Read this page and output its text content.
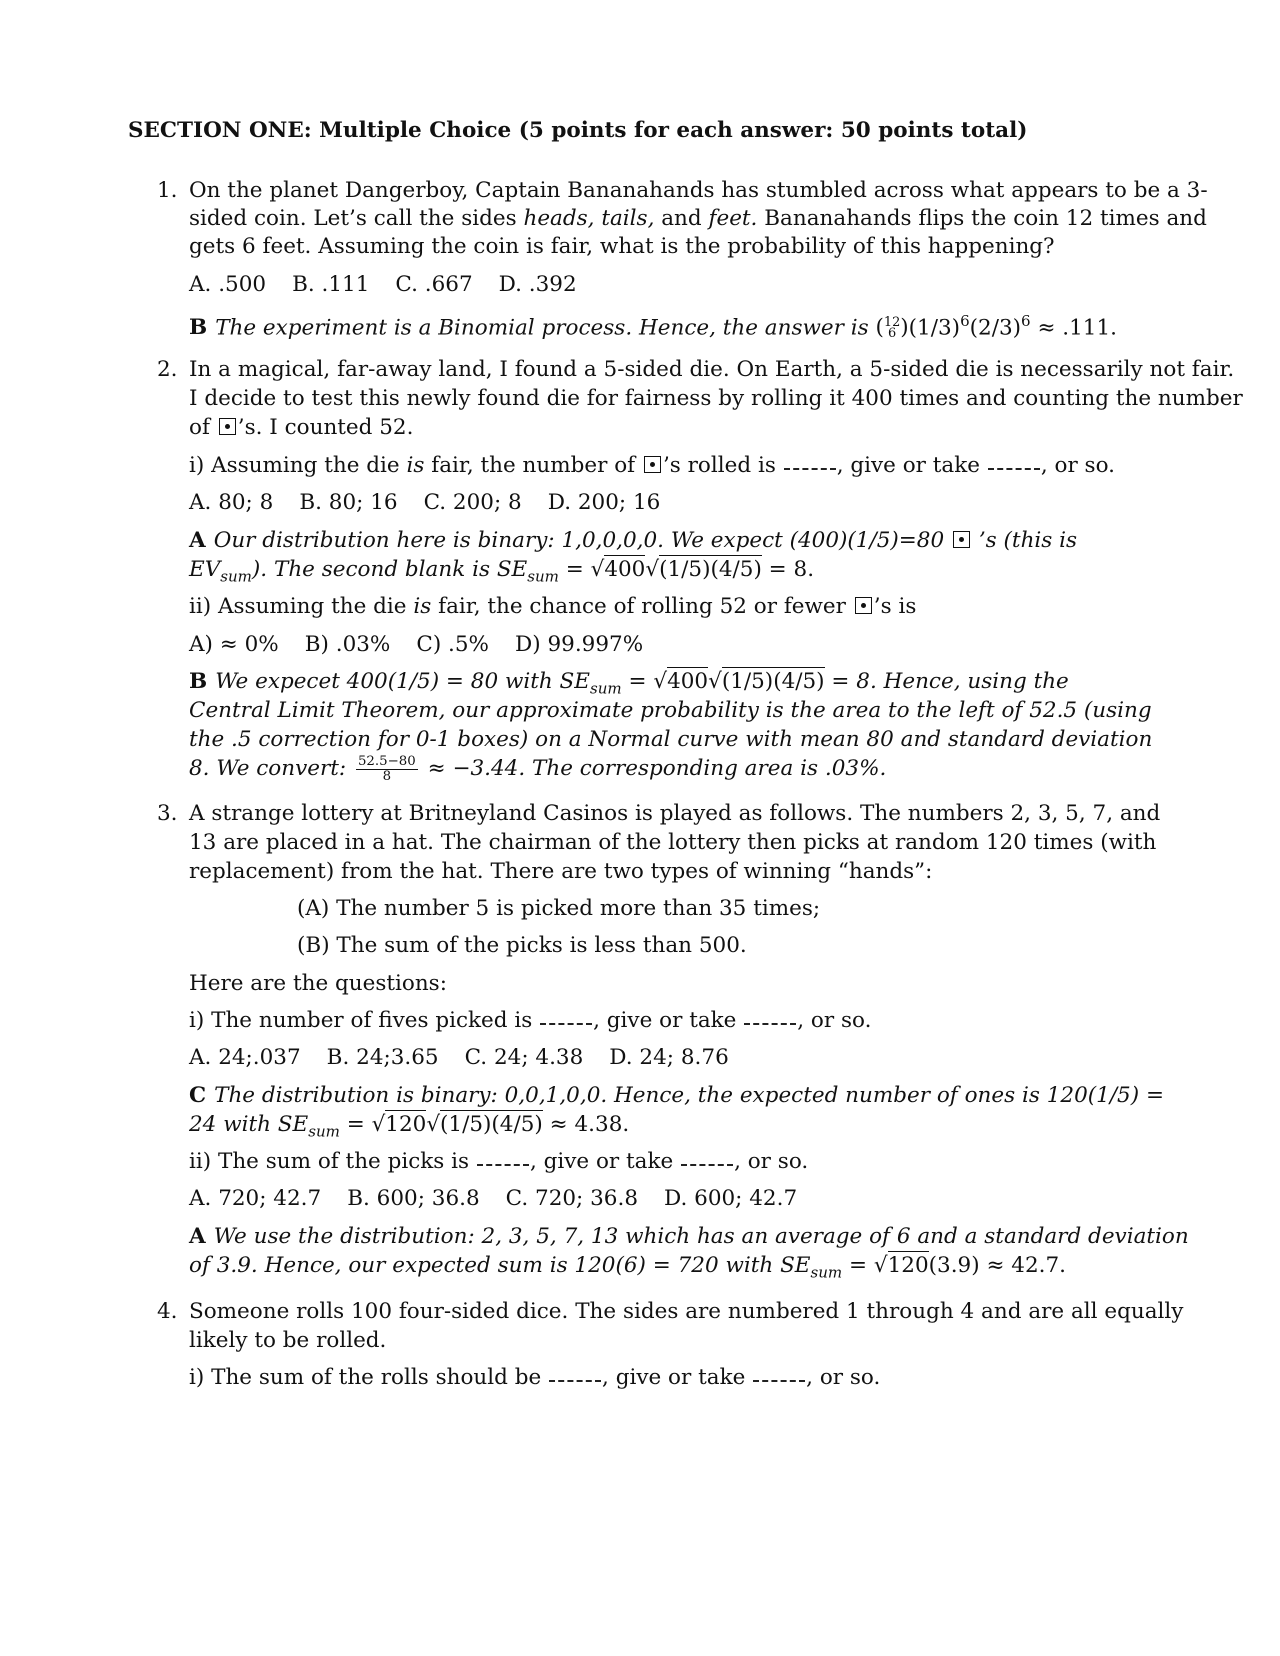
SECTION ONE: Multiple Choice (5 points for each answer: 50 points total)
1. On the planet Dangerboy, Captain Bananahands has stumbled across what appears to be a 3-
sided coin. Let’s call the sides heads, tails, and feet. Bananahands flips the coin 12 times and
gets 6 feet. Assuming the coin is fair, what is the probability of this happening?
A. .500 B. .111 C. .667 D. .392
B The experiment is a Binomial process. Hence, the answer is (12
6 )$(1/3)^6(2/3)^6 \approx .111$.
2. In a magical, far-away land, I found a 5-sided die. On Earth, a 5-sided die is necessarily not fair.
I decide to test this newly found die for fairness by rolling it 400 times and counting the number
of ’s. I counted 52.
i) Assuming the die is fair, the number of ’s rolled is	, give or take	, or so.
A. 80; 8 B. 80; 16 C. 200; 8 D. 200; 16
A Our distribution here is binary: 1,0,0,0,0. We expect (400)(1/5)=80  ’s (this is
$EV_{sum}$). The second blank is $SE_{sum} = √400√(1/5)(4/5) = 8$.
ii) Assuming the die is fair, the chance of rolling 52 or fewer ’s is
A) ≈ 0% B) .03% C) .5% D) 99.997%
B We expecet 400(1/5) = 80 with $SE_{sum} = √400√(1/5)(4/5) = 8$. Hence, using the
Central Limit Theorem, our approximate probability is the area to the left of 52.5 (using
the .5 correction for 0-1 boxes) on a Normal curve with mean 80 and standard deviation
8. We convert: $\frac{52.5-80}{8} \approx -3.44$. The corresponding area is .03%.
3. A strange lottery at Britneyland Casinos is played as follows. The numbers 2, 3, 5, 7, and
13 are placed in a hat. The chairman of the lottery then picks at random 120 times (with
replacement) from the hat. There are two types of winning “hands”:
(A) The number 5 is picked more than 35 times;
(B) The sum of the picks is less than 500.
Here are the questions:
i) The number of fives picked is	, give or take	, or so.
A. 24;.037 B. 24;3.65 C. 24; 4.38 D. 24; 8.76
C The distribution is binary: 0,0,1,0,0. Hence, the expected number of ones is 120(1/5) =
24 with $SE_{sum} = √120√(1/5)(4/5) \approx 4.38$.
ii) The sum of the picks is	, give or take	, or so.
A. 720; 42.7 B. 600; 36.8 C. 720; 36.8 D. 600; 42.7
A We use the distribution: 2, 3, 5, 7, 13 which has an average of 6 and a standard deviation
of 3.9. Hence, our expected sum is 120(6) = 720 with $SE_{sum} = √120(3.9) \approx 42.7$.
4. Someone rolls 100 four-sided dice. The sides are numbered 1 through 4 and are all equally
likely to be rolled.
i) The sum of the rolls should be	, give or take	, or so.
